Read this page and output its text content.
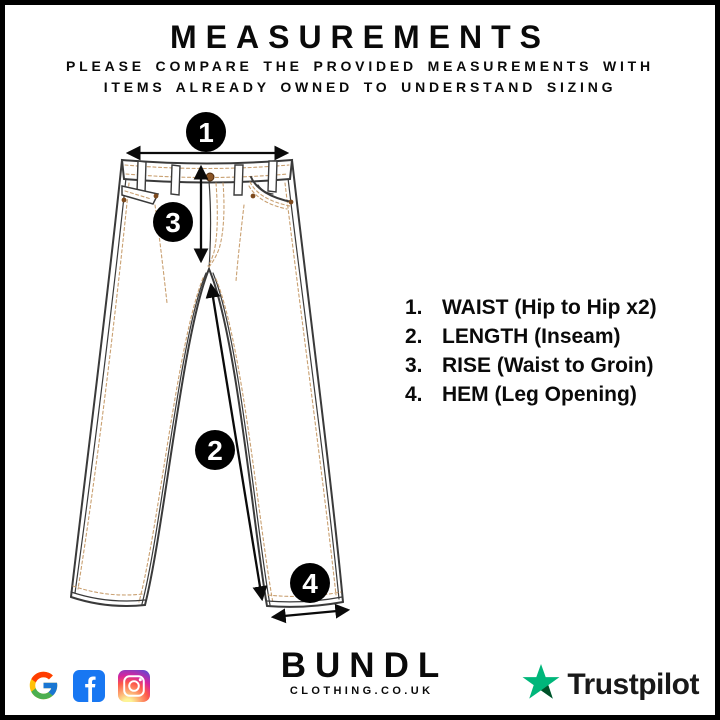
MEASUREMENTS

PLEASE COMPARE THE PROVIDED MEASUREMENTS WITH

ITEMS ALREADY OWNED TO UNDERSTAND SIZING

1
3
2
4
1. WAIST (Hip to Hip x2)
2. LENGTH (Inseam)
3. RISE (Waist to Groin)
4. HEM (Leg Opening)
BUNDL
CLOTHING.CO.UK	Trustpilot
